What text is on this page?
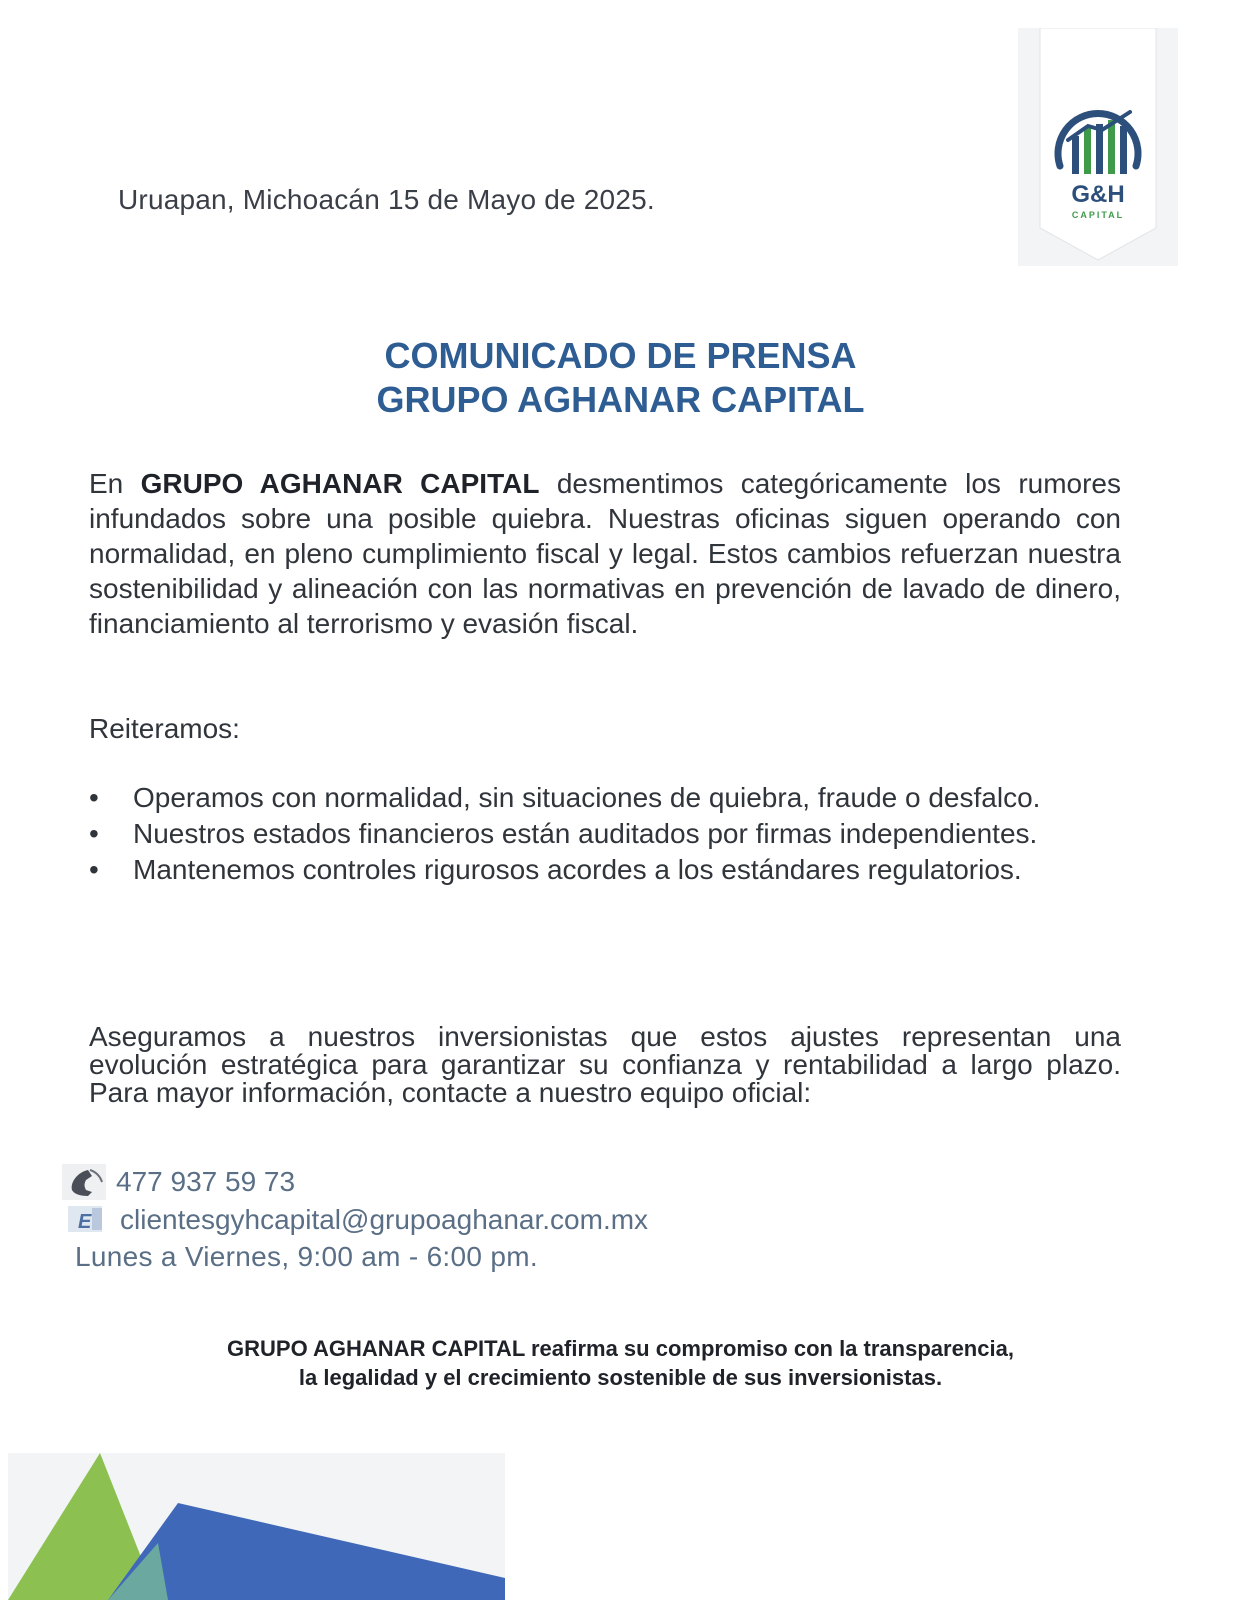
Uruapan, Michoacán 15 de Mayo de 2025.	G&H
CAPITAL
COMUNICADO DE PRENSA
GRUPO AGHANAR CAPITAL
En GRUPO AGHANAR CAPITAL desmentimos categóricamente los rumores infundados sobre una posible quiebra. Nuestras oficinas siguen operando con normalidad, en pleno cumplimiento fiscal y legal. Estos cambios refuerzan nuestra sostenibilidad y alineación con las normativas en prevención de lavado de dinero, financiamiento al terrorismo y evasión fiscal.
Reiteramos:
• Operamos con normalidad, sin situaciones de quiebra, fraude o desfalco.
• Nuestros estados financieros están auditados por firmas independientes.
• Mantenemos controles rigurosos acordes a los estándares regulatorios.
Aseguramos a nuestros inversionistas que estos ajustes representan una evolución estratégica para garantizar su confianza y rentabilidad a largo plazo. Para mayor información, contacte a nuestro equipo oficial:
477 937 59 73
E clientesgyhcapital@grupoaghanar.com.mx
Lunes a Viernes, 9:00 am - 6:00 pm.
GRUPO AGHANAR CAPITAL reafirma su compromiso con la transparencia,
la legalidad y el crecimiento sostenible de sus inversionistas.
